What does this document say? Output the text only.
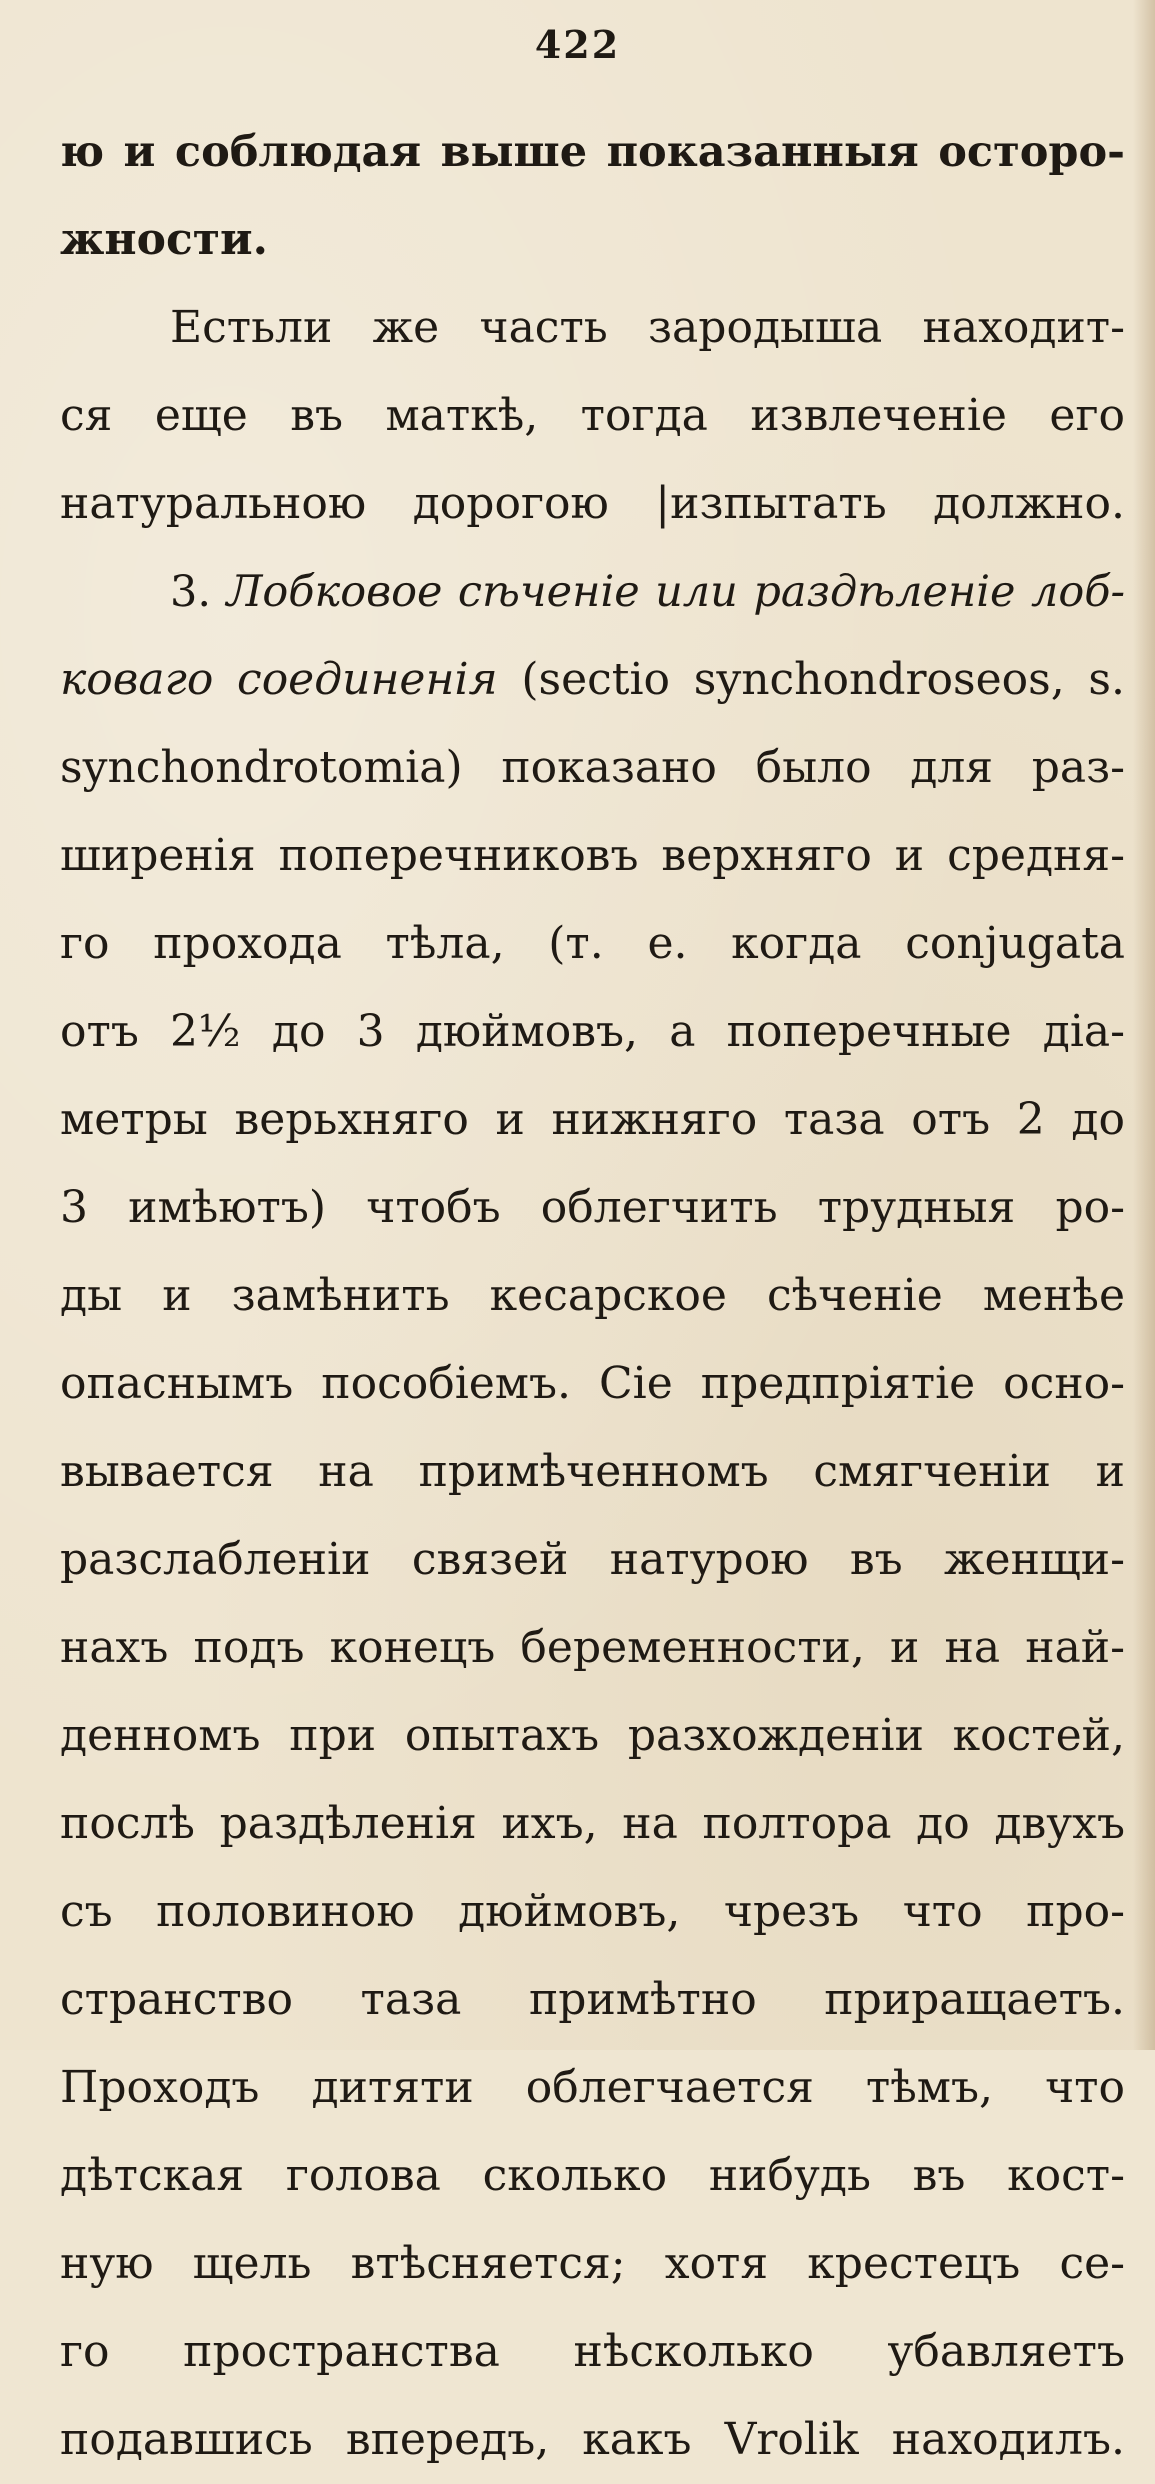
422
ю и соблюдая выше показанныя осторо-
жности.
Естьли же часть зародыша находит-
ся еще въ маткѣ, тогда извлеченіе его
натуральною дорогою |изпытать должно.
3. Лобковое сѣченіе или раздѣленіе лоб-
коваго соединенія (sectio synchondroseos, s.
synchondrotomia) показано было для раз-
ширенія поперечниковъ верхняго и средня-
го прохода тѣла, (т. е. когда conjugata
отъ 2½ до 3 дюймовъ, а поперечные діа-
метры верьхняго и нижняго таза отъ 2 до
3 имѣютъ) чтобъ облегчить трудныя ро-
ды и замѣнить кесарское сѣченіе менѣе
опаснымъ пособіемъ. Сіе предпріятіе осно-
вывается на примѣченномъ смягченіи и
разслабленіи связей натурою въ женщи-
нахъ подъ конецъ беременности, и на най-
денномъ при опытахъ разхожденіи костей,
послѣ раздѣленія ихъ, на полтора до двухъ
съ половиною дюймовъ, чрезъ что про-
странство таза примѣтно приращаетъ.
Проходъ дитяти облегчается тѣмъ, что
дѣтская голова сколько нибудь въ кост-
ную щель втѣсняется; хотя крестецъ се-
го пространства нѣсколько убавляетъ
подавшись впередъ, какъ Vrolik находилъ.
